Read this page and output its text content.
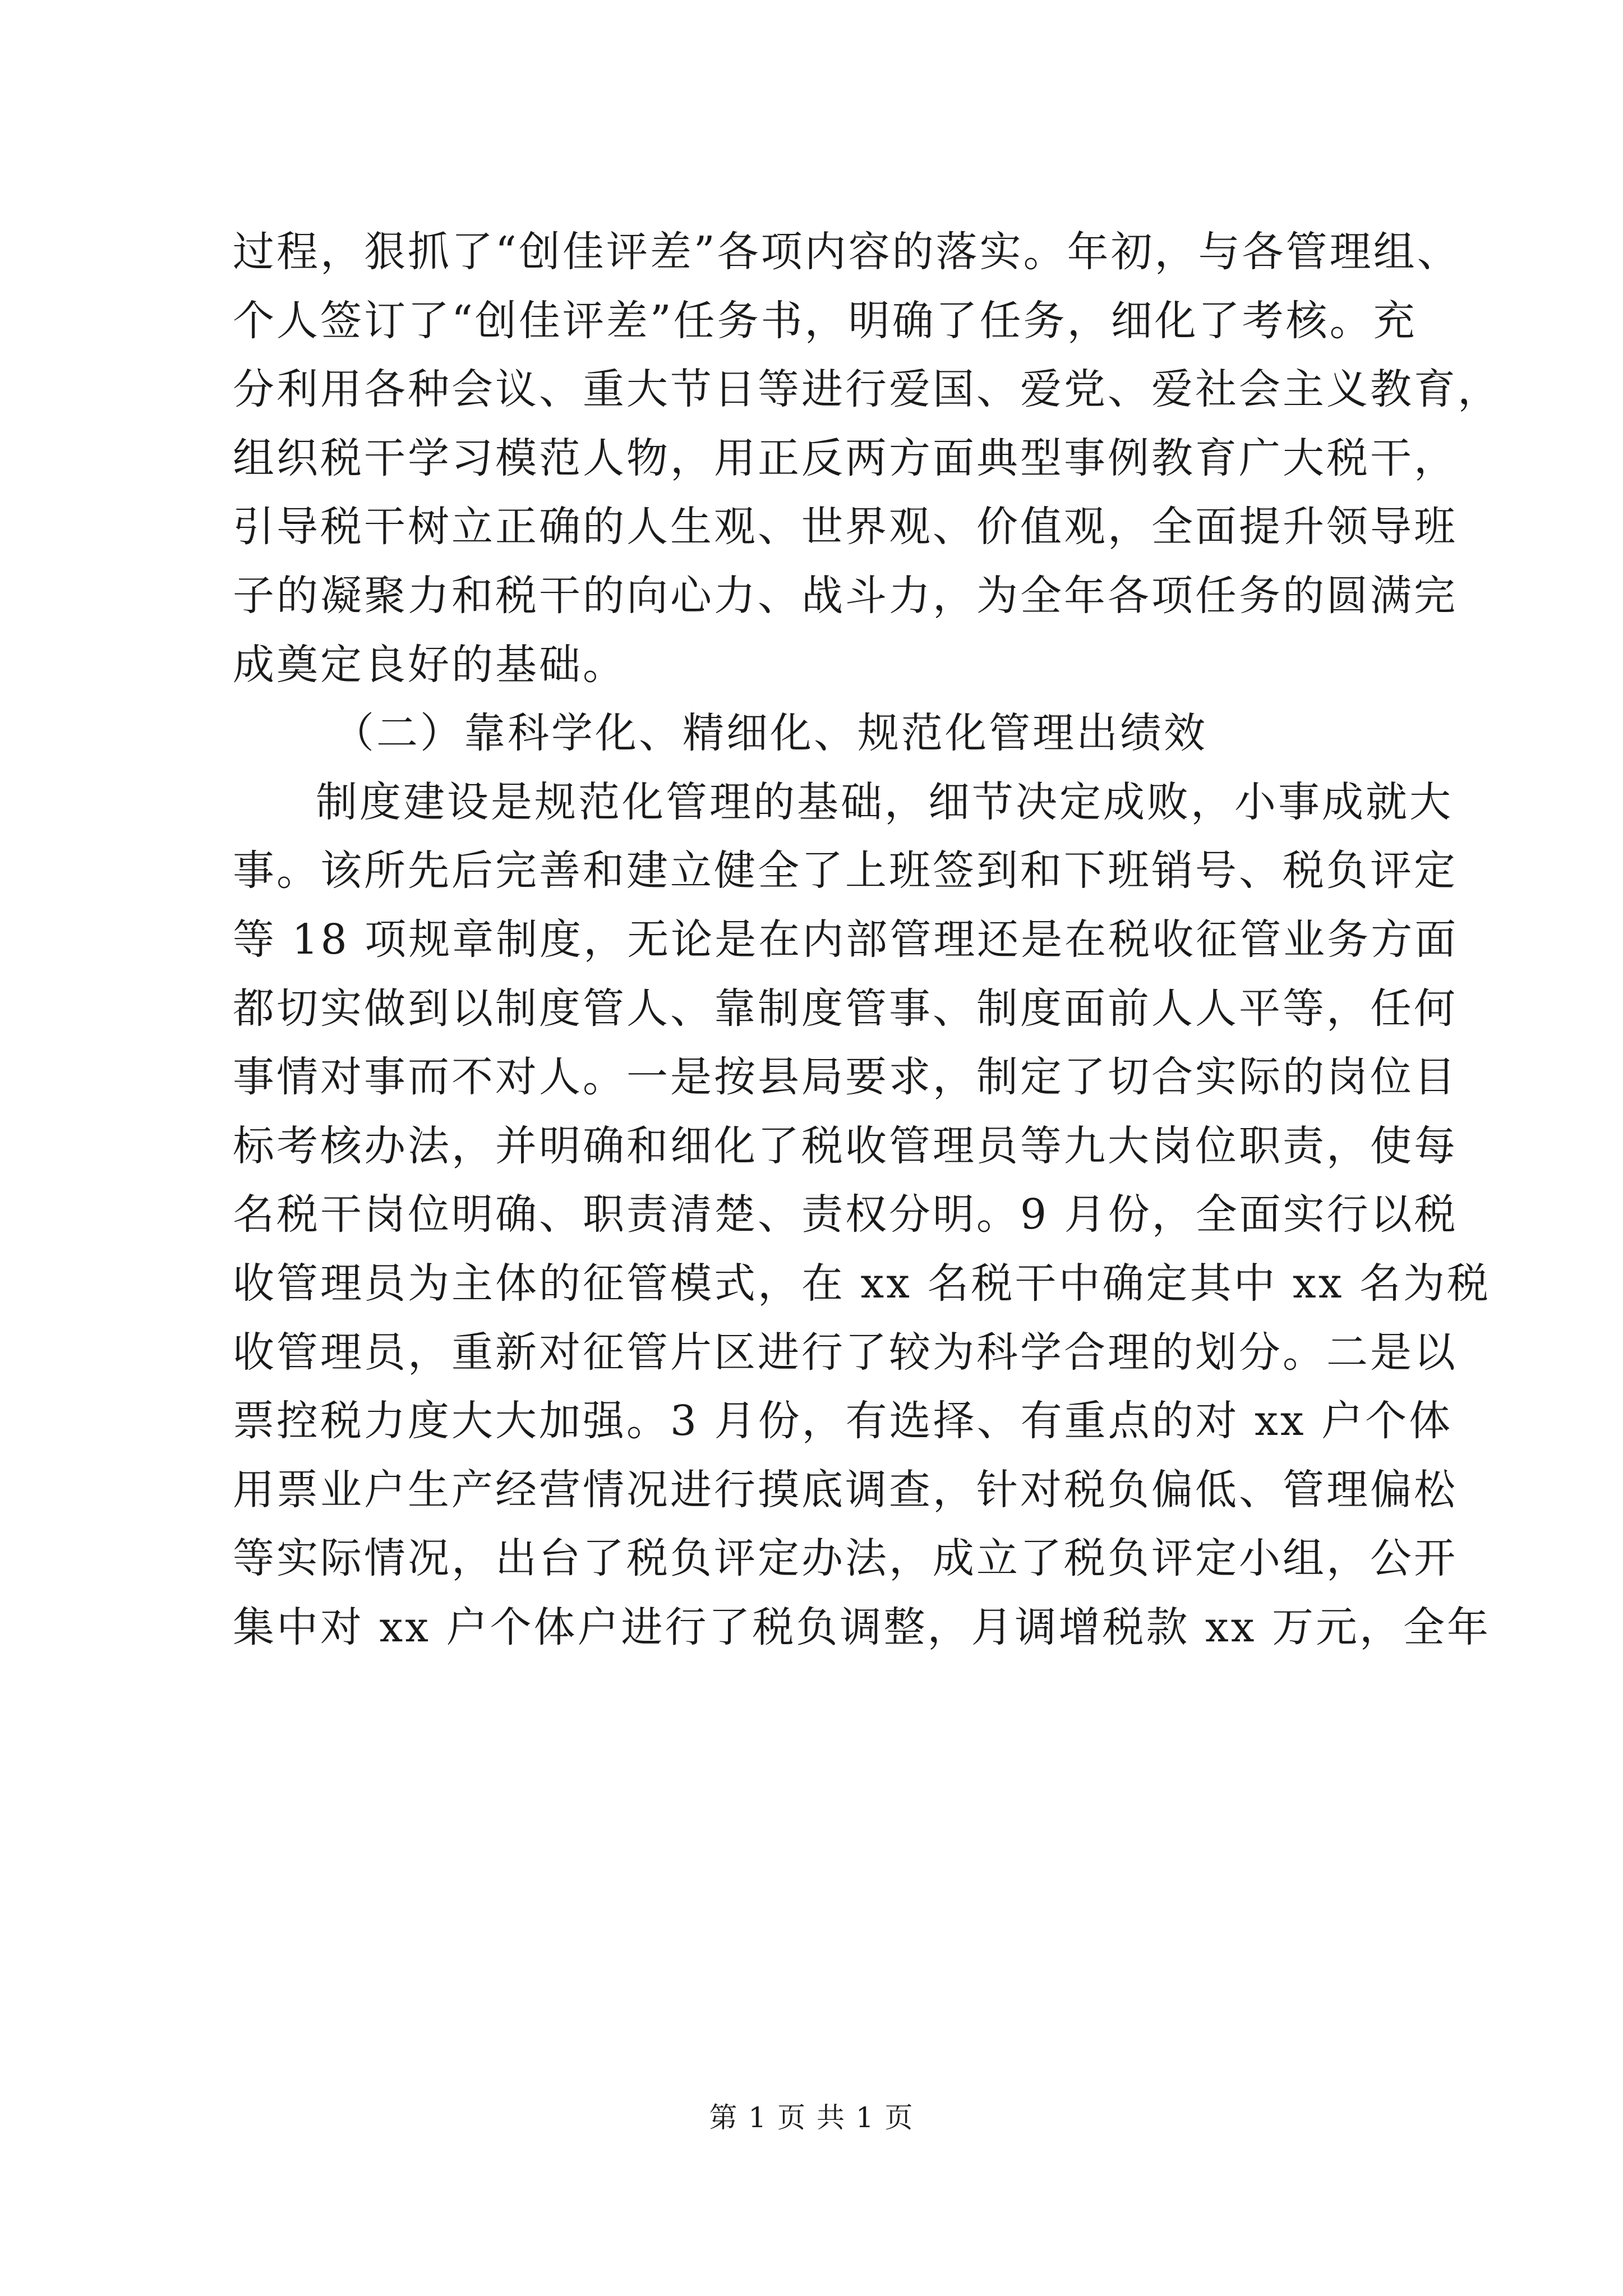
过程，狠抓了“创佳评差”各项内容的落实。年初，与各管理组、
个人签订了“创佳评差”任务书，明确了任务，细化了考核。充
分利用各种会议、重大节日等进行爱国、爱党、爱社会主义教育，
组织税干学习模范人物，用正反两方面典型事例教育广大税干，
引导税干树立正确的人生观、世界观、价值观，全面提升领导班
子的凝聚力和税干的向心力、战斗力，为全年各项任务的圆满完
成奠定良好的基础。
（二）靠科学化、精细化、规范化管理出绩效
制度建设是规范化管理的基础，细节决定成败，小事成就大
事。该所先后完善和建立健全了上班签到和下班销号、税负评定
等 18 项规章制度，无论是在内部管理还是在税收征管业务方面
都切实做到以制度管人、靠制度管事、制度面前人人平等，任何
事情对事而不对人。一是按县局要求，制定了切合实际的岗位目
标考核办法，并明确和细化了税收管理员等九大岗位职责，使每
名税干岗位明确、职责清楚、责权分明。9 月份，全面实行以税
收管理员为主体的征管模式，在 xx 名税干中确定其中 xx 名为税
收管理员，重新对征管片区进行了较为科学合理的划分。二是以
票控税力度大大加强。3 月份，有选择、有重点的对 xx 户个体
用票业户生产经营情况进行摸底调查，针对税负偏低、管理偏松
等实际情况，出台了税负评定办法，成立了税负评定小组，公开
集中对 xx 户个体户进行了税负调整，月调增税款 xx 万元，全年
第 1 页 共 1 页
